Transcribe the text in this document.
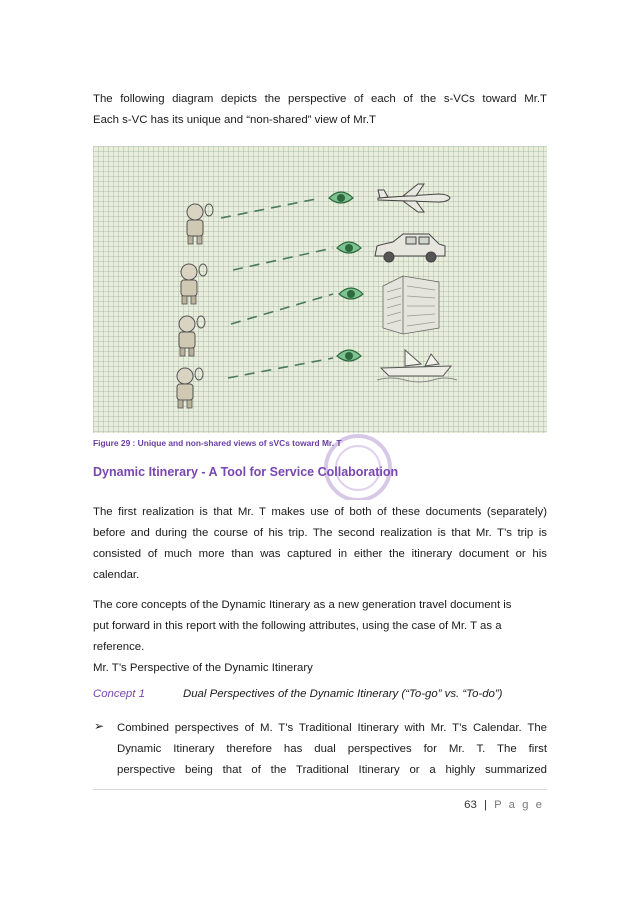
The following diagram depicts the perspective of each of the s-VCs toward Mr.T
Each s-VC has its unique and “non-shared” view of Mr.T
Figure 29 : Unique and non-shared views of sVCs toward Mr. T
Dynamic Itinerary - A Tool for Service Collaboration
The first realization is that Mr. T makes use of both of these documents (separately)
before and during the course of his trip. The second realization is that Mr. T’s trip is
consisted of much more than was captured in either the itinerary document or his
calendar.
The core concepts of the Dynamic Itinerary as a new generation travel document is
put forward in this report with the following attributes, using the case of Mr. T as a
reference.
Mr. T’s Perspective of the Dynamic Itinerary
Concept 1	Dual Perspectives of the Dynamic Itinerary (“To-go” vs. “To-do”)
➢ Combined perspectives of M. T’s Traditional Itinerary with Mr. T’s Calendar. The
Dynamic Itinerary therefore has dual perspectives for Mr. T. The first
perspective being that of the Traditional Itinerary or a highly summarized
63 | P a g e
